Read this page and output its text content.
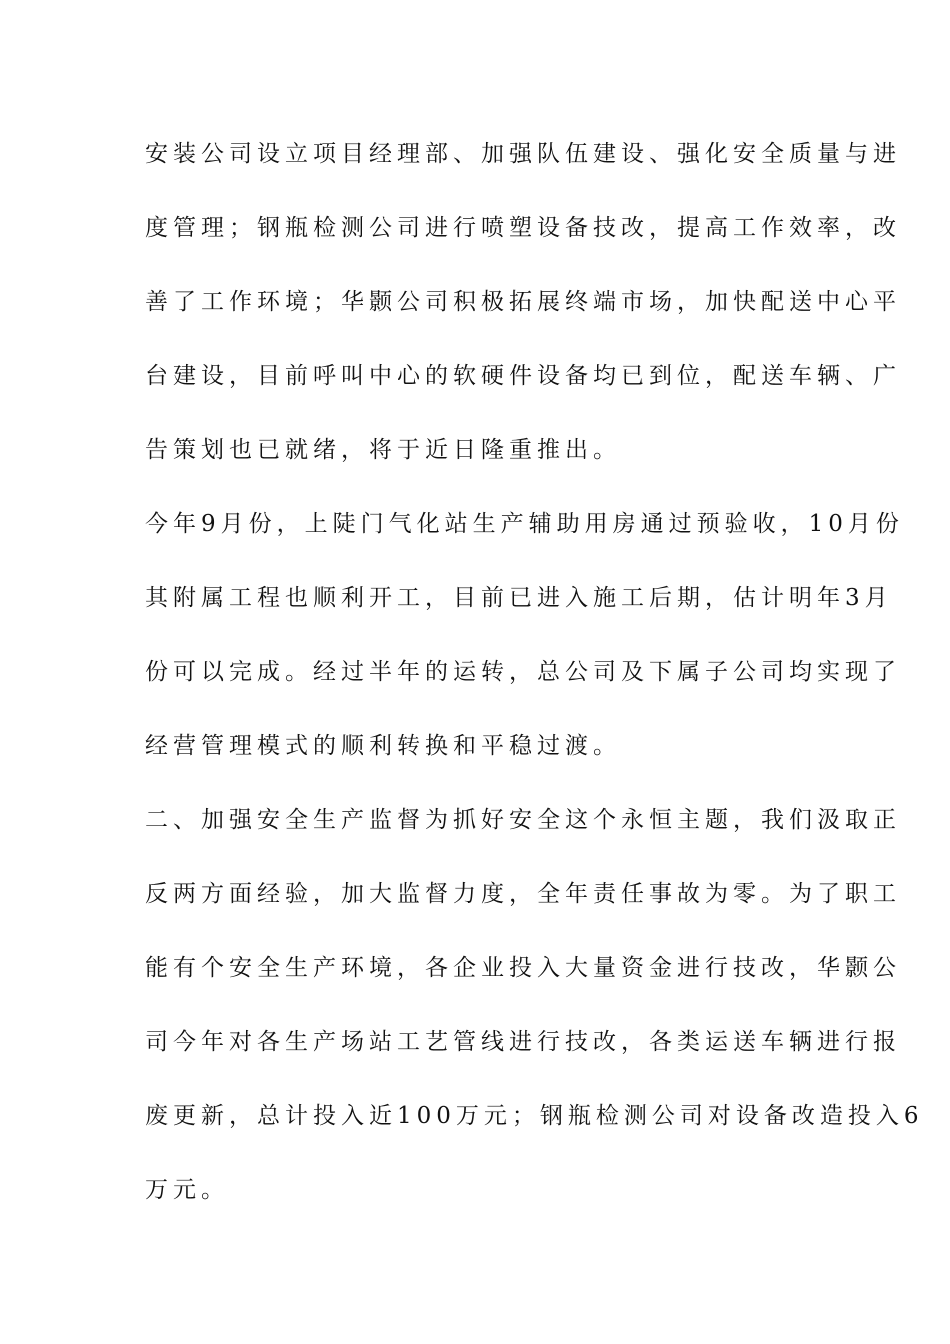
安装公司设立项目经理部、加强队伍建设、强化安全质量与进
度管理；钢瓶检测公司进行喷塑设备技改，提高工作效率，改
善了工作环境；华颢公司积极拓展终端市场，加快配送中心平
台建设，目前呼叫中心的软硬件设备均已到位，配送车辆、广
告策划也已就绪，将于近日隆重推出。
今年9月份，上陡门气化站生产辅助用房通过预验收，10月份
其附属工程也顺利开工，目前已进入施工后期，估计明年3月
份可以完成。经过半年的运转，总公司及下属子公司均实现了
经营管理模式的顺利转换和平稳过渡。
二、加强安全生产监督为抓好安全这个永恒主题，我们汲取正
反两方面经验，加大监督力度，全年责任事故为零。为了职工
能有个安全生产环境，各企业投入大量资金进行技改，华颢公
司今年对各生产场站工艺管线进行技改，各类运送车辆进行报
废更新，总计投入近100万元；钢瓶检测公司对设备改造投入6
万元。
